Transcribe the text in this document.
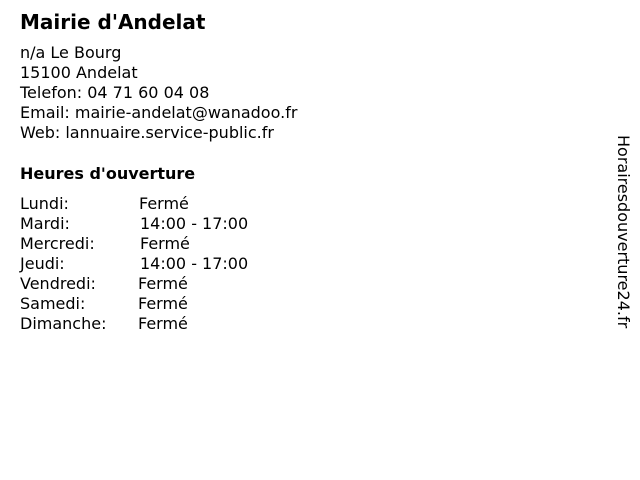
Mairie d'Andelat
n/a Le Bourg
15100 Andelat
Telefon: 04 71 60 04 08
Email: mairie-andelat@wanadoo.fr
Web: lannuaire.service-public.fr
Heures d'ouverture
Lundi:	Fermé
Mardi:	14:00 - 17:00
Mercredi:	Fermé
Jeudi:	14:00 - 17:00
Vendredi:	Fermé
Samedi:	Fermé
Dimanche: Fermé	Horairesdouverture24.fr
